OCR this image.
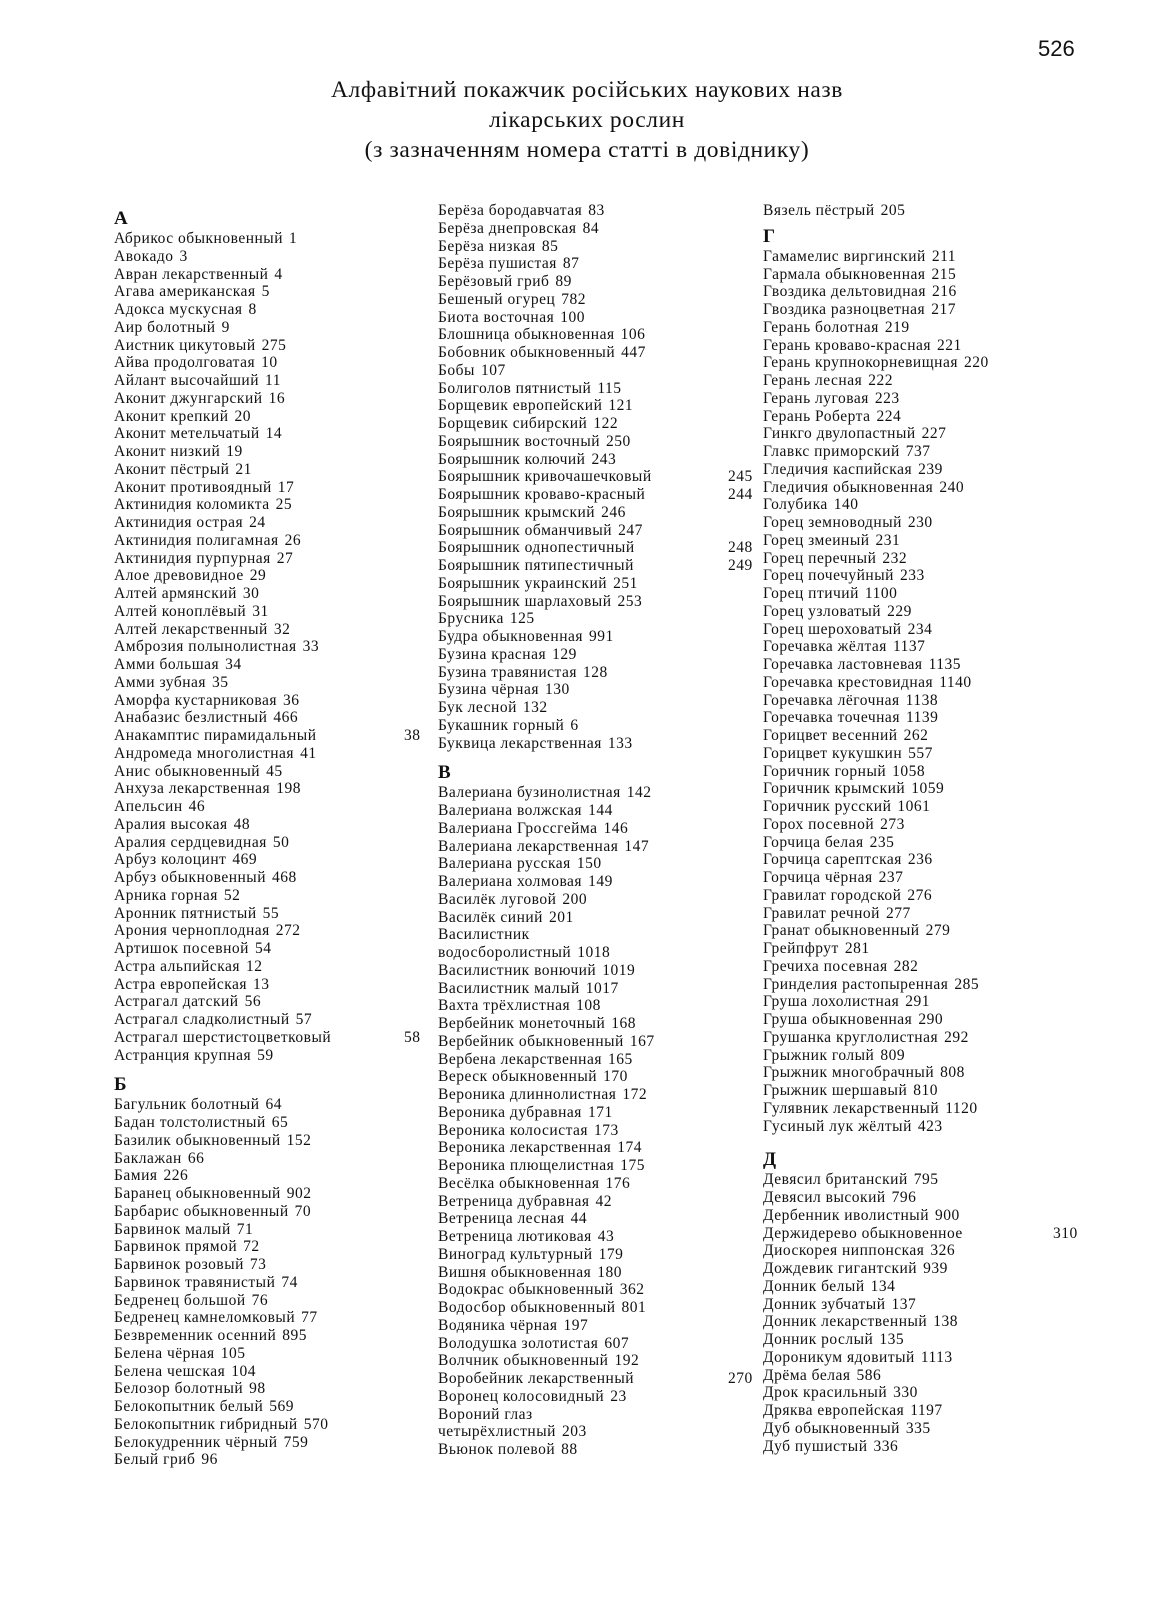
526
Алфавітний покажчик російських наукових назв
лікарських рослин
(з зазначенням номера статті в довіднику)
А
Абрикос обыкновенный 1
Авокадо 3
Авран лекарственный 4
Агава американская 5
Адокса мускусная 8
Аир болотный 9
Аистник цикутовый 275
Айва продолговатая 10
Айлант высочайший 11
Аконит джунгарский 16
Аконит крепкий 20
Аконит метельчатый 14
Аконит низкий 19
Аконит пёстрый 21
Аконит противоядный 17
Актинидия коломикта 25
Актинидия острая 24
Актинидия полигамная 26
Актинидия пурпурная 27
Алое древовидное 29
Алтей армянский 30
Алтей коноплёвый 31
Алтей лекарственный 32
Амброзия полынолистная 33
Амми большая 34
Амми зубная 35
Аморфа кустарниковая 36
Анабазис безлистный 466
Анакамптис пирамидальный	38
Андромеда многолистная 41
Анис обыкновенный 45
Анхуза лекарственная 198
Апельсин 46
Аралия высокая 48
Аралия сердцевидная 50
Арбуз колоцинт 469
Арбуз обыкновенный 468
Арника горная 52
Аронник пятнистый 55
Арония черноплодная 272
Артишок посевной 54
Астра альпийская 12
Астра европейская 13
Астрагал датский 56
Астрагал сладколистный 57
Астрагал шерстистоцветковый	58
Астранция крупная 59
Б
Багульник болотный 64
Бадан толстолистный 65
Базилик обыкновенный 152
Баклажан 66
Бамия 226
Баранец обыкновенный 902
Барбарис обыкновенный 70
Барвинок малый 71
Барвинок прямой 72
Барвинок розовый 73
Барвинок травянистый 74
Бедренец большой 76
Бедренец камнеломковый 77
Безвременник осенний 895
Белена чёрная 105
Белена чешская 104
Белозор болотный 98
Белокопытник белый 569
Белокопытник гибридный 570
Белокудренник чёрный 759
Белый гриб 96
Берёза бородавчатая 83
Берёза днепровская 84
Берёза низкая 85
Берёза пушистая 87
Берёзовый гриб 89
Бешеный огурец 782
Биота восточная 100
Блошница обыкновенная 106
Бобовник обыкновенный 447
Бобы 107
Болиголов пятнистый 115
Борщевик европейский 121
Борщевик сибирский 122
Боярышник восточный 250
Боярышник колючий 243
Боярышник кривочашечковый	245
Боярышник кроваво-красный	244
Боярышник крымский 246
Боярышник обманчивый 247
Боярышник однопестичный	248
Боярышник пятипестичный	249
Боярышник украинский 251
Боярышник шарлаховый 253
Брусника 125
Будра обыкновенная 991
Бузина красная 129
Бузина травянистая 128
Бузина чёрная 130
Бук лесной 132
Букашник горный 6
Буквица лекарственная 133
В
Валериана бузинолистная 142
Валериана волжская 144
Валериана Гроссгейма 146
Валериана лекарственная 147
Валериана русская 150
Валериана холмовая 149
Василёк луговой 200
Василёк синий 201
Василистник
водосборолистный 1018
Василистник вонючий 1019
Василистник малый 1017
Вахта трёхлистная 108
Вербейник монеточный 168
Вербейник обыкновенный 167
Вербена лекарственная 165
Вереск обыкновенный 170
Вероника длиннолистная 172
Вероника дубравная 171
Вероника колосистая 173
Вероника лекарственная 174
Вероника плющелистная 175
Весёлка обыкновенная 176
Ветреница дубравная 42
Ветреница лесная 44
Ветреница лютиковая 43
Виноград культурный 179
Вишня обыкновенная 180
Водокрас обыкновенный 362
Водосбор обыкновенный 801
Водяника чёрная 197
Володушка золотистая 607
Волчник обыкновенный 192
Воробейник лекарственный	270
Воронец колосовидный 23
Вороний глаз
четырёхлистный 203
Вьюнок полевой 88
Вязель пёстрый 205
Г
Гамамелис виргинский 211
Гармала обыкновенная 215
Гвоздика дельтовидная 216
Гвоздика разноцветная 217
Герань болотная 219
Герань кроваво-красная 221
Герань крупнокорневищная 220
Герань лесная 222
Герань луговая 223
Герань Роберта 224
Гинкго двулопастный 227
Главкс приморский 737
Гледичия каспийская 239
Гледичия обыкновенная 240
Голубика 140
Горец земноводный 230
Горец змеиный 231
Горец перечный 232
Горец почечуйный 233
Горец птичий 1100
Горец узловатый 229
Горец шероховатый 234
Горечавка жёлтая 1137
Горечавка ластовневая 1135
Горечавка крестовидная 1140
Горечавка лёгочная 1138
Горечавка точечная 1139
Горицвет весенний 262
Горицвет кукушкин 557
Горичник горный 1058
Горичник крымский 1059
Горичник русский 1061
Горох посевной 273
Горчица белая 235
Горчица сарептская 236
Горчица чёрная 237
Гравилат городской 276
Гравилат речной 277
Гранат обыкновенный 279
Грейпфрут 281
Гречиха посевная 282
Гринделия растопыренная 285
Груша лохолистная 291
Груша обыкновенная 290
Грушанка круглолистная 292
Грыжник голый 809
Грыжник многобрачный 808
Грыжник шершавый 810
Гулявник лекарственный 1120
Гусиный лук жёлтый 423
Д
Девясил британский 795
Девясил высокий 796
Дербенник иволистный 900
Держидерево обыкновенное	310
Диоскорея ниппонская 326
Дождевик гигантский 939
Донник белый 134
Донник зубчатый 137
Донник лекарственный 138
Донник рослый 135
Дороникум ядовитый 1113
Дрёма белая 586
Дрок красильный 330
Дряква европейская 1197
Дуб обыкновенный 335
Дуб пушистый 336
